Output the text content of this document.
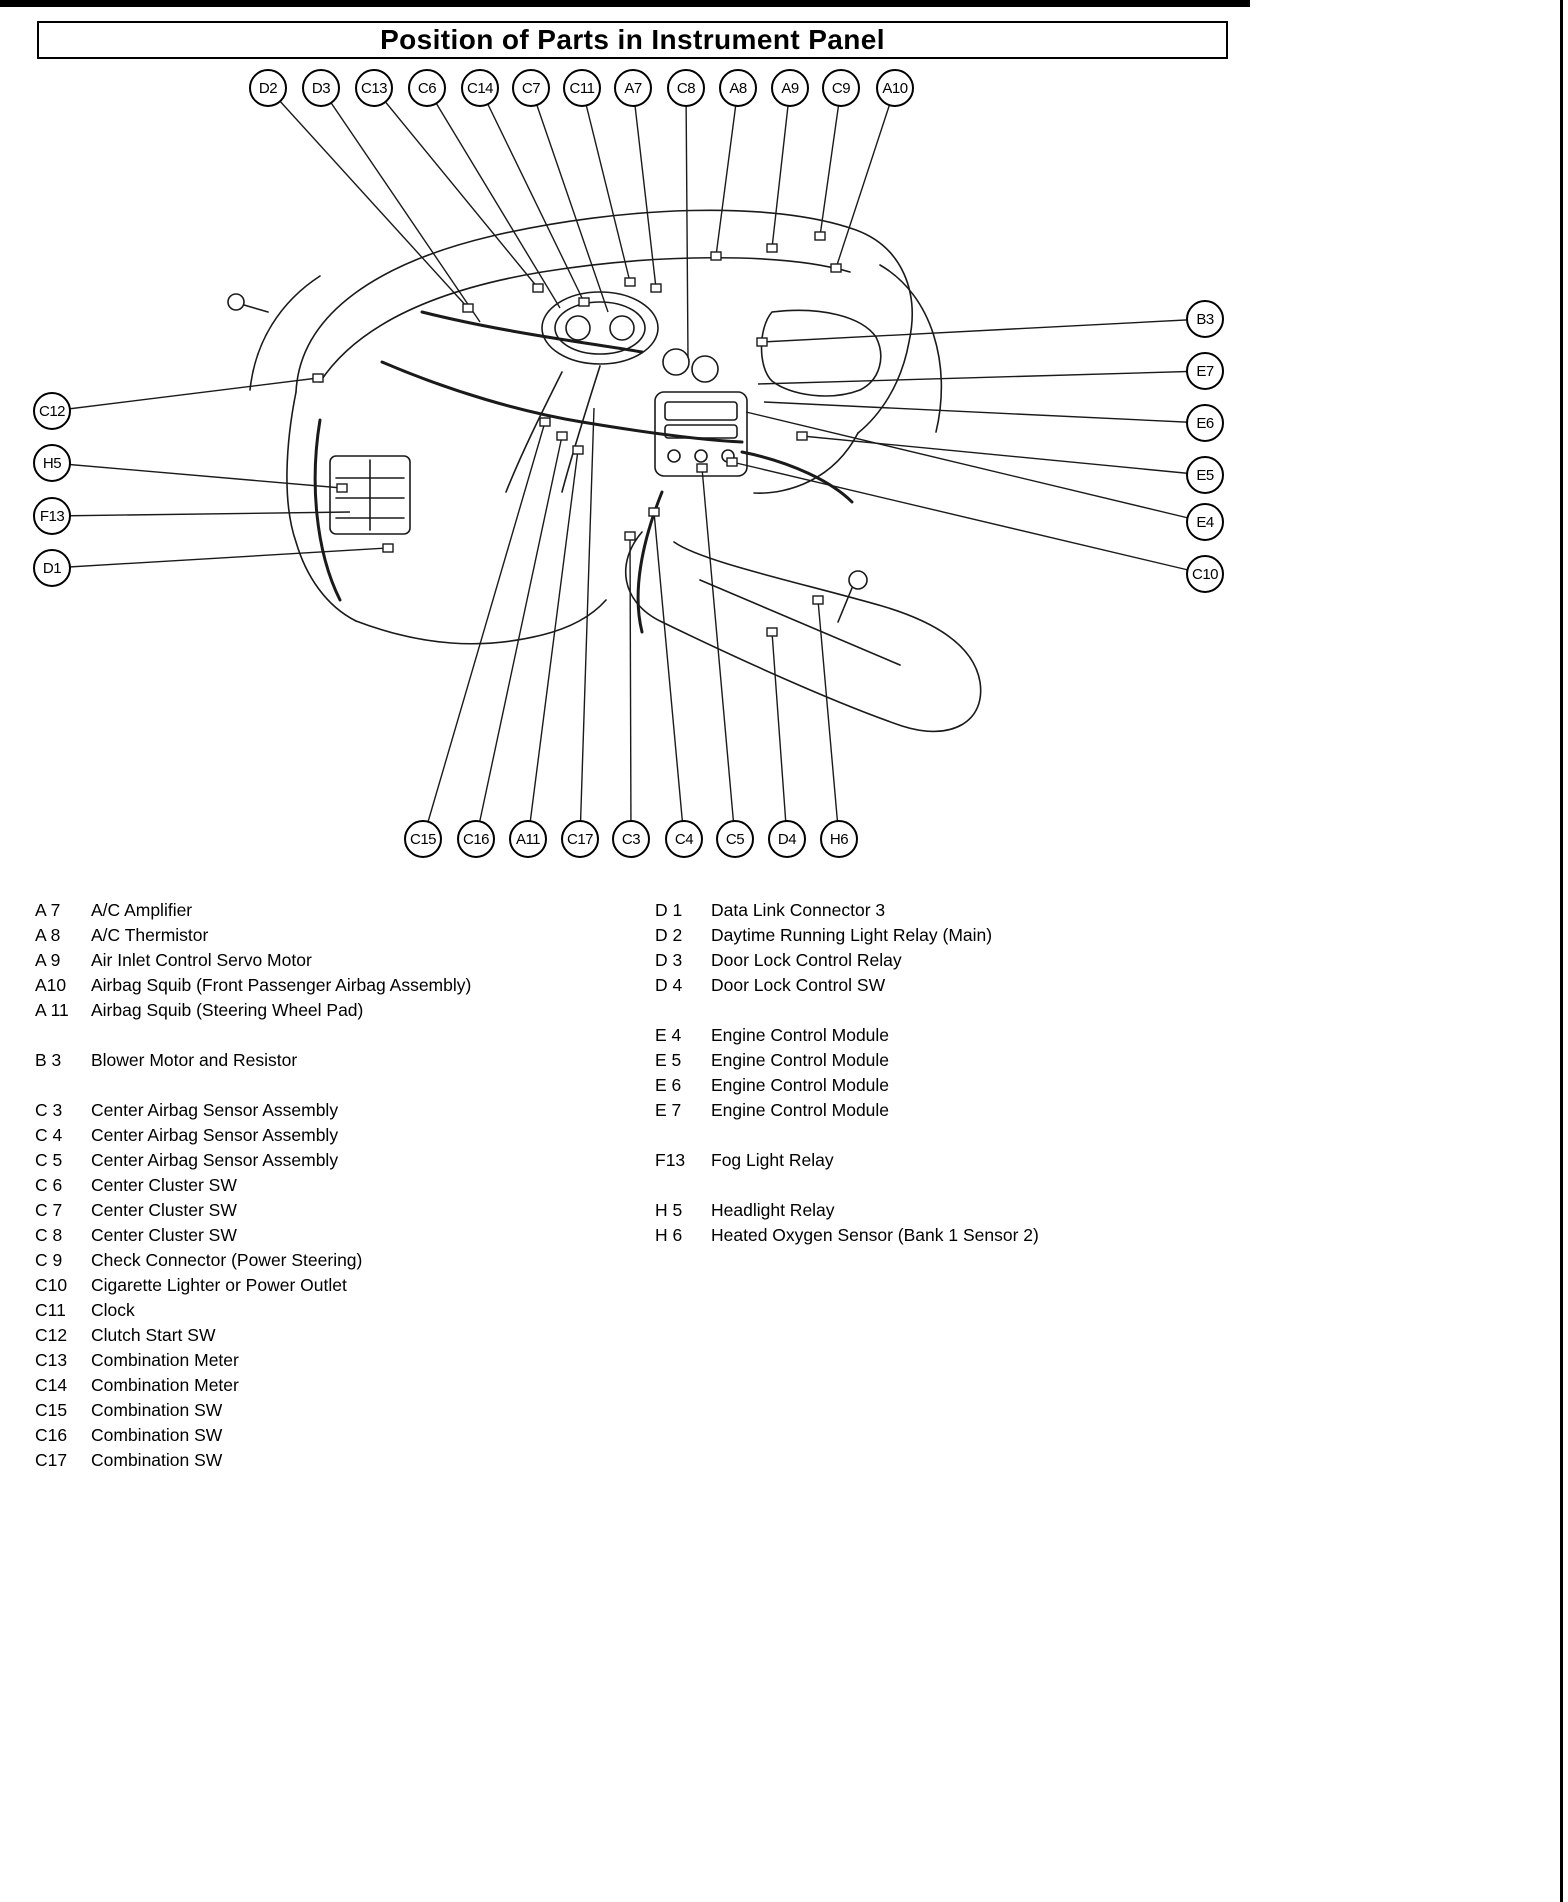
Position of Parts in Instrument Panel
D2	D3	C13	C6	C14	C7	C11	A7	C8	A8	A9	C9	A10
C12
H5
F13
D1
B3
E7
E6
E5
E4
C10
C15	C16	A11	C17	C3	C4	C5	D4	H6
A 7	A/C Amplifier
A 8	A/C Thermistor
A 9	Air Inlet Control Servo Motor
A10	Airbag Squib (Front Passenger Airbag Assembly)
A 11	Airbag Squib (Steering Wheel Pad)
B 3	Blower Motor and Resistor
C 3	Center Airbag Sensor Assembly
C 4	Center Airbag Sensor Assembly
C 5	Center Airbag Sensor Assembly
C 6	Center Cluster SW
C 7	Center Cluster SW
C 8	Center Cluster SW
C 9	Check Connector (Power Steering)
C10	Cigarette Lighter or Power Outlet
C11	Clock
C12	Clutch Start SW
C13	Combination Meter
C14	Combination Meter
C15	Combination SW
C16	Combination SW
C17	Combination SW
D 1	Data Link Connector 3
D 2	Daytime Running Light Relay (Main)
D 3	Door Lock Control Relay
D 4	Door Lock Control SW
E 4	Engine Control Module
E 5	Engine Control Module
E 6	Engine Control Module
E 7	Engine Control Module
F13	Fog Light Relay
H 5	Headlight Relay
H 6	Heated Oxygen Sensor (Bank 1 Sensor 2)
